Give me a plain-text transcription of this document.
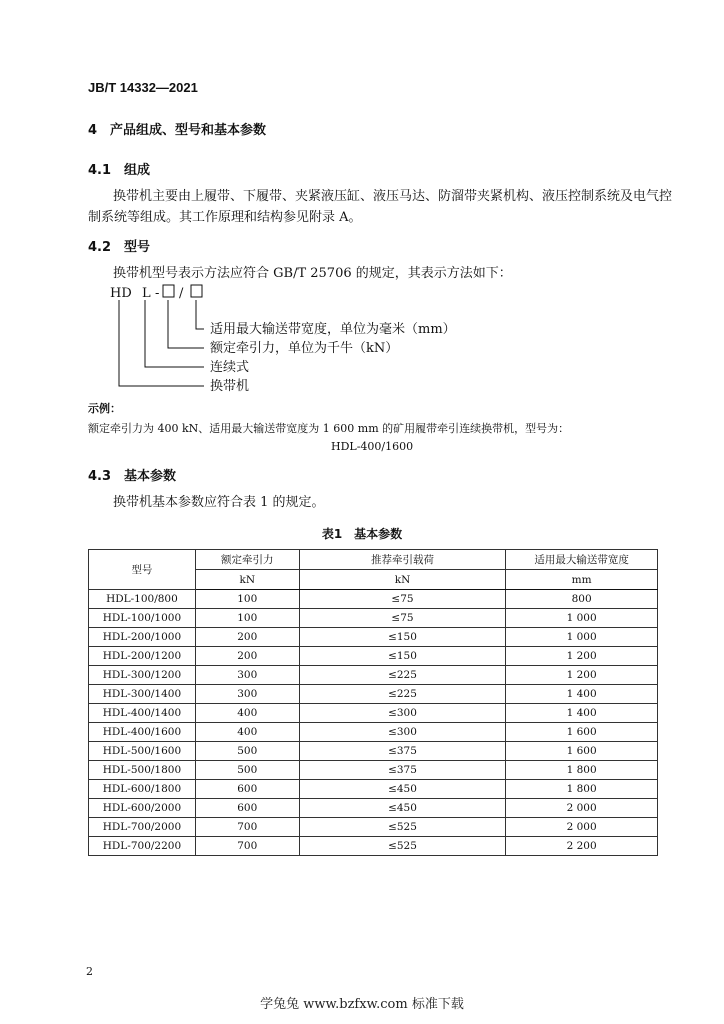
JB/T 14332—2021
4　产品组成、型号和基本参数
4.1　组成
换带机主要由上履带、下履带、夹紧液压缸、液压马达、防溜带夹紧机构、液压控制系统及电气控
制系统等组成。其工作原理和结构参见附录 A。
4.2　型号
换带机型号表示方法应符合 GB/T 25706 的规定，其表示方法如下：
HD L - /
适用最大输送带宽度，单位为毫米（mm）
额定牵引力，单位为千牛（kN）
连续式
换带机
示例：
额定牵引力为 400 kN、适用最大输送带宽度为 1 600 mm 的矿用履带牵引连续换带机，型号为：
HDL-400/1600
4.3　基本参数
换带机基本参数应符合表 1 的规定。
表1　基本参数
型号	额定牵引力	推荐牵引载荷	适用最大输送带宽度
	kN	kN	mm
HDL-100/800	100	≤75	800
HDL-100/1000	100	≤75	1 000
HDL-200/1000	200	≤150	1 000
HDL-200/1200	200	≤150	1 200
HDL-300/1200	300	≤225	1 200
HDL-300/1400	300	≤225	1 400
HDL-400/1400	400	≤300	1 400
HDL-400/1600	400	≤300	1 600
HDL-500/1600	500	≤375	1 600
HDL-500/1800	500	≤375	1 800
HDL-600/1800	600	≤450	1 800
HDL-600/2000	600	≤450	2 000
HDL-700/2000	700	≤525	2 000
HDL-700/2200	700	≤525	2 200
2
学兔兔 www.bzfxw.com 标准下载
